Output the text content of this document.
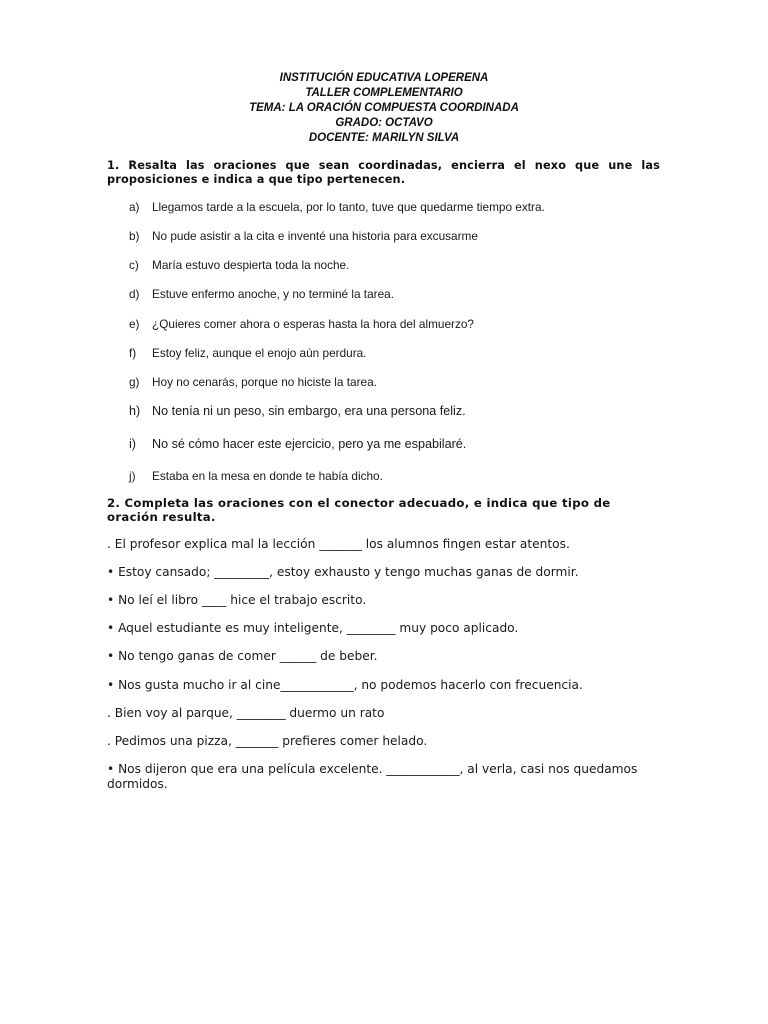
INSTITUCIÓN EDUCATIVA LOPERENA
TALLER COMPLEMENTARIO
TEMA: LA ORACIÓN COMPUESTA COORDINADA
GRADO: OCTAVO
DOCENTE: MARILYN SILVA
1. Resalta las oraciones que sean coordinadas, encierra el nexo que une las proposiciones e indica a que tipo pertenecen.
a) Llegamos tarde a la escuela, por lo tanto, tuve que quedarme tiempo extra.
b) No pude asistir a la cita e inventé una historia para excusarme
c) María estuvo despierta toda la noche.
d) Estuve enfermo anoche, y no terminé la tarea.
e) ¿Quieres comer ahora o esperas hasta la hora del almuerzo?
f) Estoy feliz, aunque el enojo aún perdura.
g) Hoy no cenarás, porque no hiciste la tarea.
h) No tenía ni un peso, sin embargo, era una persona feliz.
i) No sé cómo hacer este ejercicio, pero ya me espabilaré.
j) Estaba en la mesa en donde te había dicho.
2. Completa las oraciones con el conector adecuado, e indica que tipo de oración resulta.
. El profesor explica mal la lección _______ los alumnos fingen estar atentos.
• Estoy cansado; _________, estoy exhausto y tengo muchas ganas de dormir.
• No leí el libro ____ hice el trabajo escrito.
• Aquel estudiante es muy inteligente, ________ muy poco aplicado.
• No tengo ganas de comer ______ de beber.
• Nos gusta mucho ir al cine____________, no podemos hacerlo con frecuencia.
. Bien voy al parque, ________ duermo un rato
. Pedimos una pizza, _______ prefieres comer helado.
• Nos dijeron que era una película excelente. ____________, al verla, casi nos quedamos dormidos.
